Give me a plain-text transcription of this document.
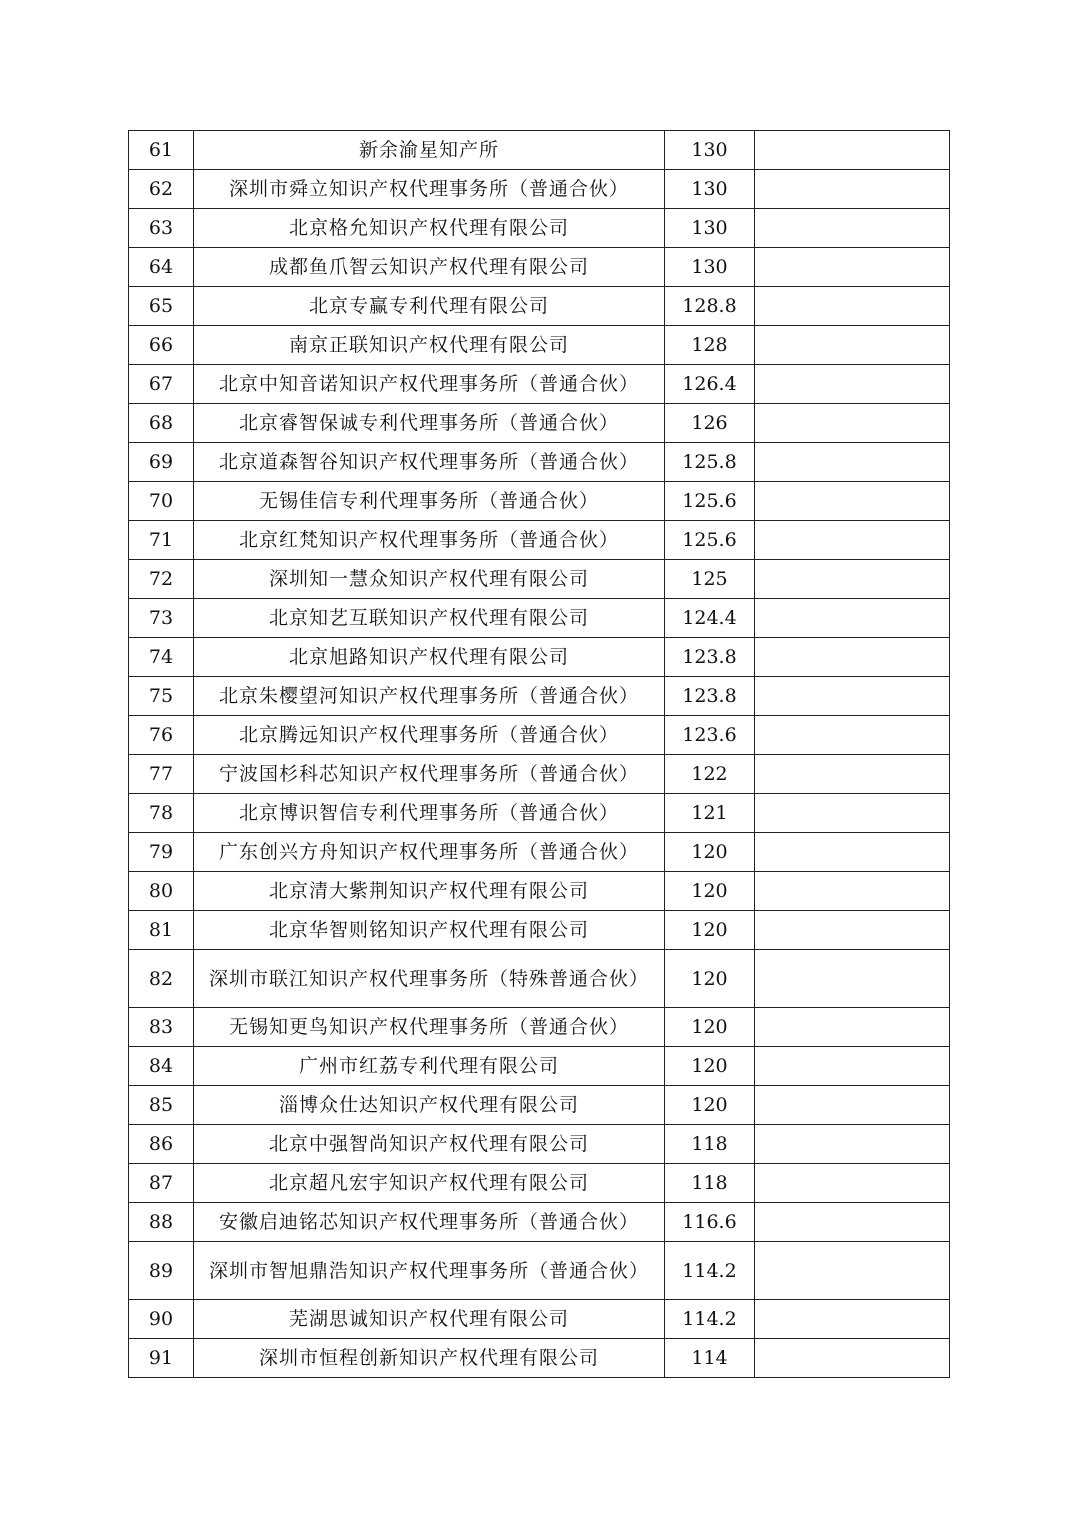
61	新余渝星知产所	130	
62	深圳市舜立知识产权代理事务所（普通合伙）	130	
63	北京格允知识产权代理有限公司	130	
64	成都鱼爪智云知识产权代理有限公司	130	
65	北京专赢专利代理有限公司	128.8	
66	南京正联知识产权代理有限公司	128	
67	北京中知音诺知识产权代理事务所（普通合伙）	126.4	
68	北京睿智保诚专利代理事务所（普通合伙）	126	
69	北京道森智谷知识产权代理事务所（普通合伙）	125.8	
70	无锡佳信专利代理事务所（普通合伙）	125.6	
71	北京红梵知识产权代理事务所（普通合伙）	125.6	
72	深圳知一慧众知识产权代理有限公司	125	
73	北京知艺互联知识产权代理有限公司	124.4	
74	北京旭路知识产权代理有限公司	123.8	
75	北京朱樱望河知识产权代理事务所（普通合伙）	123.8	
76	北京腾远知识产权代理事务所（普通合伙）	123.6	
77	宁波国杉科芯知识产权代理事务所（普通合伙）	122	
78	北京博识智信专利代理事务所（普通合伙）	121	
79	广东创兴方舟知识产权代理事务所（普通合伙）	120	
80	北京清大紫荆知识产权代理有限公司	120	
81	北京华智则铭知识产权代理有限公司	120	
82	深圳市联江知识产权代理事务所（特殊普通合伙）	120	
83	无锡知更鸟知识产权代理事务所（普通合伙）	120	
84	广州市红荔专利代理有限公司	120	
85	淄博众仕达知识产权代理有限公司	120	
86	北京中强智尚知识产权代理有限公司	118	
87	北京超凡宏宇知识产权代理有限公司	118	
88	安徽启迪铭芯知识产权代理事务所（普通合伙）	116.6	
89	深圳市智旭鼎浩知识产权代理事务所（普通合伙）	114.2	
90	芜湖思诚知识产权代理有限公司	114.2	
91	深圳市恒程创新知识产权代理有限公司	114	
